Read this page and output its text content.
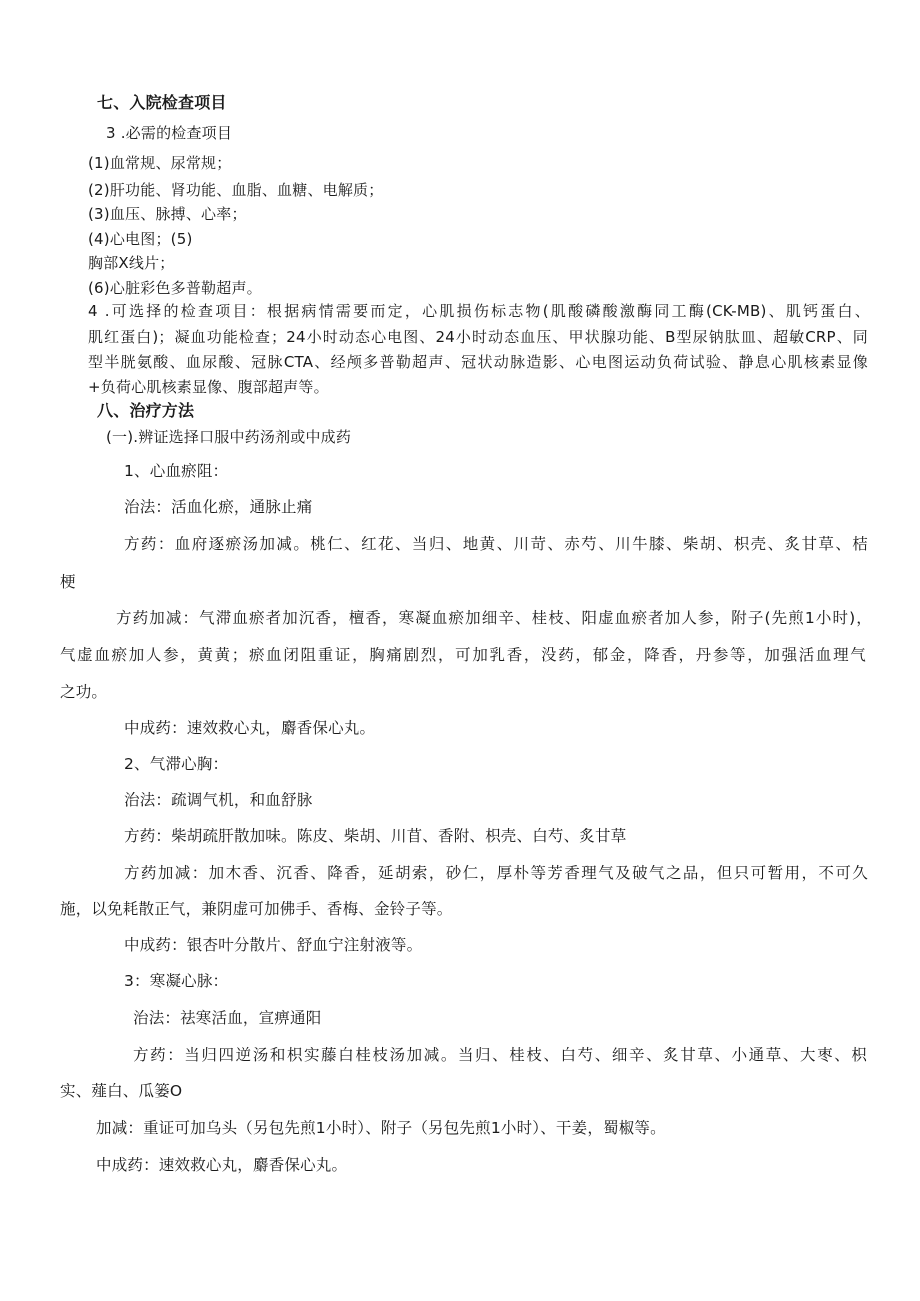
七、入院检查项目
3 .必需的检查项目
(1)血常规、尿常规；
(2)肝功能、肾功能、血脂、血糖、电解质；
(3)血压、脉搏、心率；
(4)心电图；(5)
胸部X线片；
(6)心脏彩色多普勒超声。
4 .可选择的检查项目：根据病情需要而定，心肌损伤标志物(肌酸磷酸激酶同工酶(CK-MB)、肌钙蛋白、
肌红蛋白)；凝血功能检查；24小时动态心电图、24小时动态血压、甲状腺功能、B型尿钠肽皿、超敏CRP、同
型半胱氨酸、血尿酸、冠脉CTA、经颅多普勒超声、冠状动脉造影、心电图运动负荷试验、静息心肌核素显像
+负荷心肌核素显像、腹部超声等。
八、治疗方法
(一).辨证选择口服中药汤剂或中成药
1、心血瘀阻：
治法：活血化瘀，通脉止痛
方药：血府逐瘀汤加减。桃仁、红花、当归、地黄、川苛、赤芍、川牛膝、柴胡、枳壳、炙甘草、桔
梗
方药加减：气滞血瘀者加沉香，檀香，寒凝血瘀加细辛、桂枝、阳虚血瘀者加人参，附子(先煎1小时)，
气虚血瘀加人参，黄黄；瘀血闭阻重证，胸痛剧烈，可加乳香，没药，郁金，降香，丹参等，加强活血理气
之功。
中成药：速效救心丸，麝香保心丸。
2、气滞心胸：
治法：疏调气机，和血舒脉
方药：柴胡疏肝散加味。陈皮、柴胡、川苜、香附、枳壳、白芍、炙甘草
方药加减：加木香、沉香、降香，延胡索，砂仁，厚朴等芳香理气及破气之品，但只可暂用，不可久
施，以免耗散正气，兼阴虚可加佛手、香梅、金铃子等。
中成药：银杏叶分散片、舒血宁注射液等。
3：寒凝心脉：
治法：祛寒活血，宣痹通阳
方药：当归四逆汤和枳实藤白桂枝汤加减。当归、桂枝、白芍、细辛、炙甘草、小通草、大枣、枳
实、薤白、瓜篓O
加减：重证可加乌头（另包先煎1小时）、附子（另包先煎1小时）、干姜，蜀椒等。
中成药：速效救心丸，麝香保心丸。
